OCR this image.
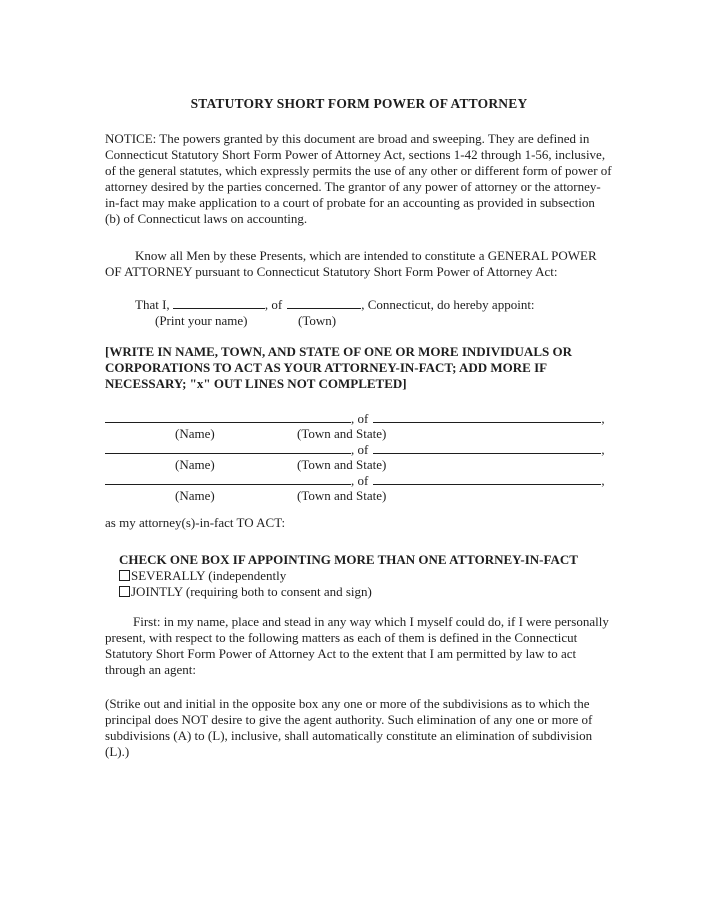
STATUTORY SHORT FORM POWER OF ATTORNEY
NOTICE: The powers granted by this document are broad and sweeping. They are defined in Connecticut Statutory Short Form Power of Attorney Act, sections 1-42 through 1-56, inclusive, of the general statutes, which expressly permits the use of any other or different form of power of attorney desired by the parties concerned. The grantor of any power of attorney or the attorney-in-fact may make application to a court of probate for an accounting as provided in subsection (b) of Connecticut laws on accounting.
Know all Men by these Presents, which are intended to constitute a GENERAL POWER OF ATTORNEY pursuant to Connecticut Statutory Short Form Power of Attorney Act:
That I,	, of	, Connecticut, do hereby appoint:
(Print your name)	(Town)
[WRITE IN NAME, TOWN, AND STATE OF ONE OR MORE INDIVIDUALS OR CORPORATIONS TO ACT AS YOUR ATTORNEY-IN-FACT; ADD MORE IF NECESSARY; "x" OUT LINES NOT COMPLETED]
, of	,
(Name)	(Town and State)
, of	,
(Name)	(Town and State)
, of	,
(Name)	(Town and State)
as my attorney(s)-in-fact TO ACT:
CHECK ONE BOX IF APPOINTING MORE THAN ONE ATTORNEY-IN-FACT
SEVERALLY (independently
JOINTLY (requiring both to consent and sign)
First: in my name, place and stead in any way which I myself could do, if I were personally present, with respect to the following matters as each of them is defined in the Connecticut Statutory Short Form Power of Attorney Act to the extent that I am permitted by law to act through an agent:
(Strike out and initial in the opposite box any one or more of the subdivisions as to which the principal does NOT desire to give the agent authority. Such elimination of any one or more of subdivisions (A) to (L), inclusive, shall automatically constitute an elimination of subdivision (L).)
